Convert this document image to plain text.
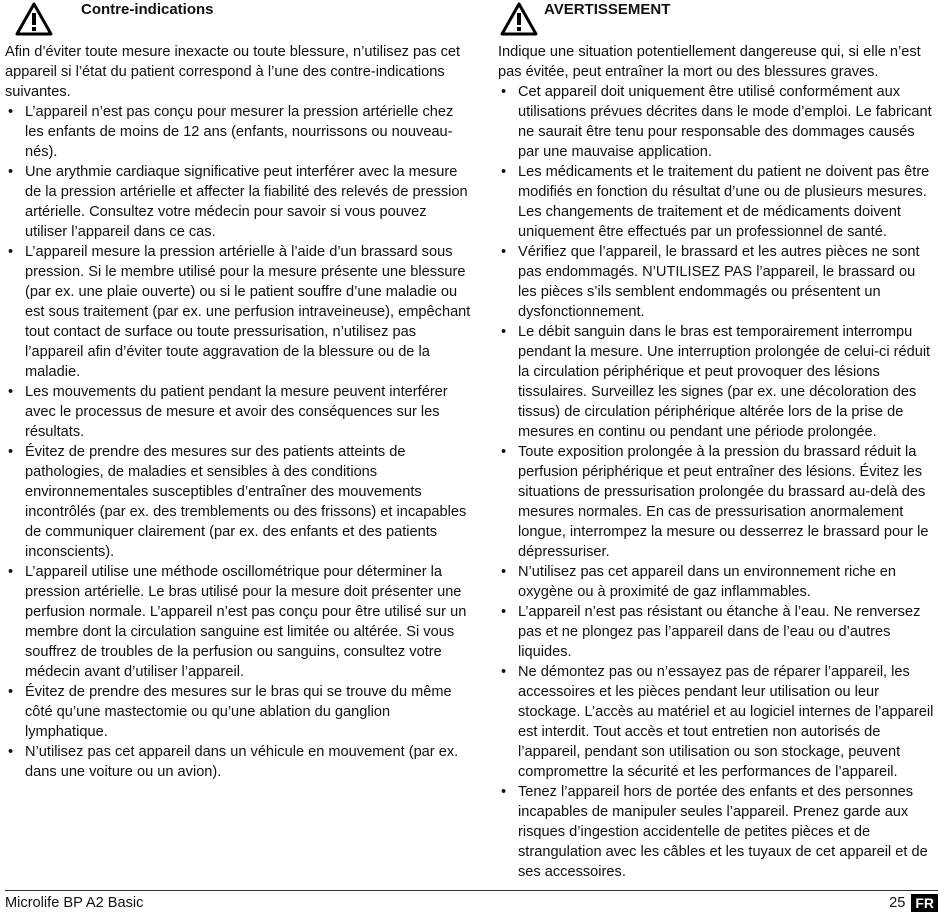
Contre-indications

Afin d’éviter toute mesure inexacte ou toute blessure, n’utilisez pas cet appareil si l’état du patient correspond à l’une des contre-indications suivantes.

• L’appareil n’est pas conçu pour mesurer la pression artérielle chez les enfants de moins de 12 ans (enfants, nourrissons ou nouveau-nés).
• Une arythmie cardiaque significative peut interférer avec la mesure de la pression artérielle et affecter la fiabilité des relevés de pression artérielle. Consultez votre médecin pour savoir si vous pouvez utiliser l’appareil dans ce cas.
• L’appareil mesure la pression artérielle à l’aide d’un brassard sous pression. Si le membre utilisé pour la mesure présente une blessure (par ex. une plaie ouverte) ou si le patient souffre d’une maladie ou est sous traitement (par ex. une perfusion intraveineuse), empêchant tout contact de surface ou toute pressurisation, n’utilisez pas l’appareil afin d’éviter toute aggravation de la blessure ou de la maladie.
• Les mouvements du patient pendant la mesure peuvent interférer avec le processus de mesure et avoir des conséquences sur les résultats.
• Évitez de prendre des mesures sur des patients atteints de pathologies, de maladies et sensibles à des conditions environnementales susceptibles d’entraîner des mouvements incontrôlés (par ex. des tremblements ou des frissons) et incapables de communiquer clairement (par ex. des enfants et des patients inconscients).
• L’appareil utilise une méthode oscillométrique pour déterminer la pression artérielle. Le bras utilisé pour la mesure doit présenter une perfusion normale. L’appareil n’est pas conçu pour être utilisé sur un membre dont la circulation sanguine est limitée ou altérée. Si vous souffrez de troubles de la perfusion ou sanguins, consultez votre médecin avant d’utiliser l’appareil.
• Évitez de prendre des mesures sur le bras qui se trouve du même côté qu’une mastectomie ou qu’une ablation du ganglion lymphatique.
• N’utilisez pas cet appareil dans un véhicule en mouvement (par ex. dans une voiture ou un avion).
AVERTISSEMENT

Indique une situation potentiellement dangereuse qui, si elle n’est pas évitée, peut entraîner la mort ou des blessures graves.

• Cet appareil doit uniquement être utilisé conformément aux utilisations prévues décrites dans le mode d’emploi. Le fabricant ne saurait être tenu pour responsable des dommages causés par une mauvaise application.
• Les médicaments et le traitement du patient ne doivent pas être modifiés en fonction du résultat d’une ou de plusieurs mesures. Les changements de traitement et de médicaments doivent uniquement être effectués par un professionnel de santé.
• Vérifiez que l’appareil, le brassard et les autres pièces ne sont pas endommagés. N’UTILISEZ PAS l’appareil, le brassard ou les pièces s’ils semblent endommagés ou présentent un dysfonctionnement.
• Le débit sanguin dans le bras est temporairement interrompu pendant la mesure. Une interruption prolongée de celui-ci réduit la circulation périphérique et peut provoquer des lésions tissulaires. Surveillez les signes (par ex. une décoloration des tissus) de circulation périphérique altérée lors de la prise de mesures en continu ou pendant une période prolongée.
• Toute exposition prolongée à la pression du brassard réduit la perfusion périphérique et peut entraîner des lésions. Évitez les situations de pressurisation prolongée du brassard au-delà des mesures normales. En cas de pressurisation anormalement longue, interrompez la mesure ou desserrez le brassard pour le dépressuriser.
• N’utilisez pas cet appareil dans un environnement riche en oxygène ou à proximité de gaz inflammables.
• L’appareil n’est pas résistant ou étanche à l’eau. Ne renversez pas et ne plongez pas l’appareil dans de l’eau ou d’autres liquides.
• Ne démontez pas ou n’essayez pas de réparer l’appareil, les accessoires et les pièces pendant leur utilisation ou leur stockage. L’accès au matériel et au logiciel internes de l’appareil est interdit. Tout accès et tout entretien non autorisés de l’appareil, pendant son utilisation ou son stockage, peuvent compromettre la sécurité et les performances de l’appareil.
• Tenez l’appareil hors de portée des enfants et des personnes incapables de manipuler seules l’appareil. Prenez garde aux risques d’ingestion accidentelle de petites pièces et de strangulation avec les câbles et les tuyaux de cet appareil et de ses accessoires.
Microlife BP A2 Basic	25 FR
